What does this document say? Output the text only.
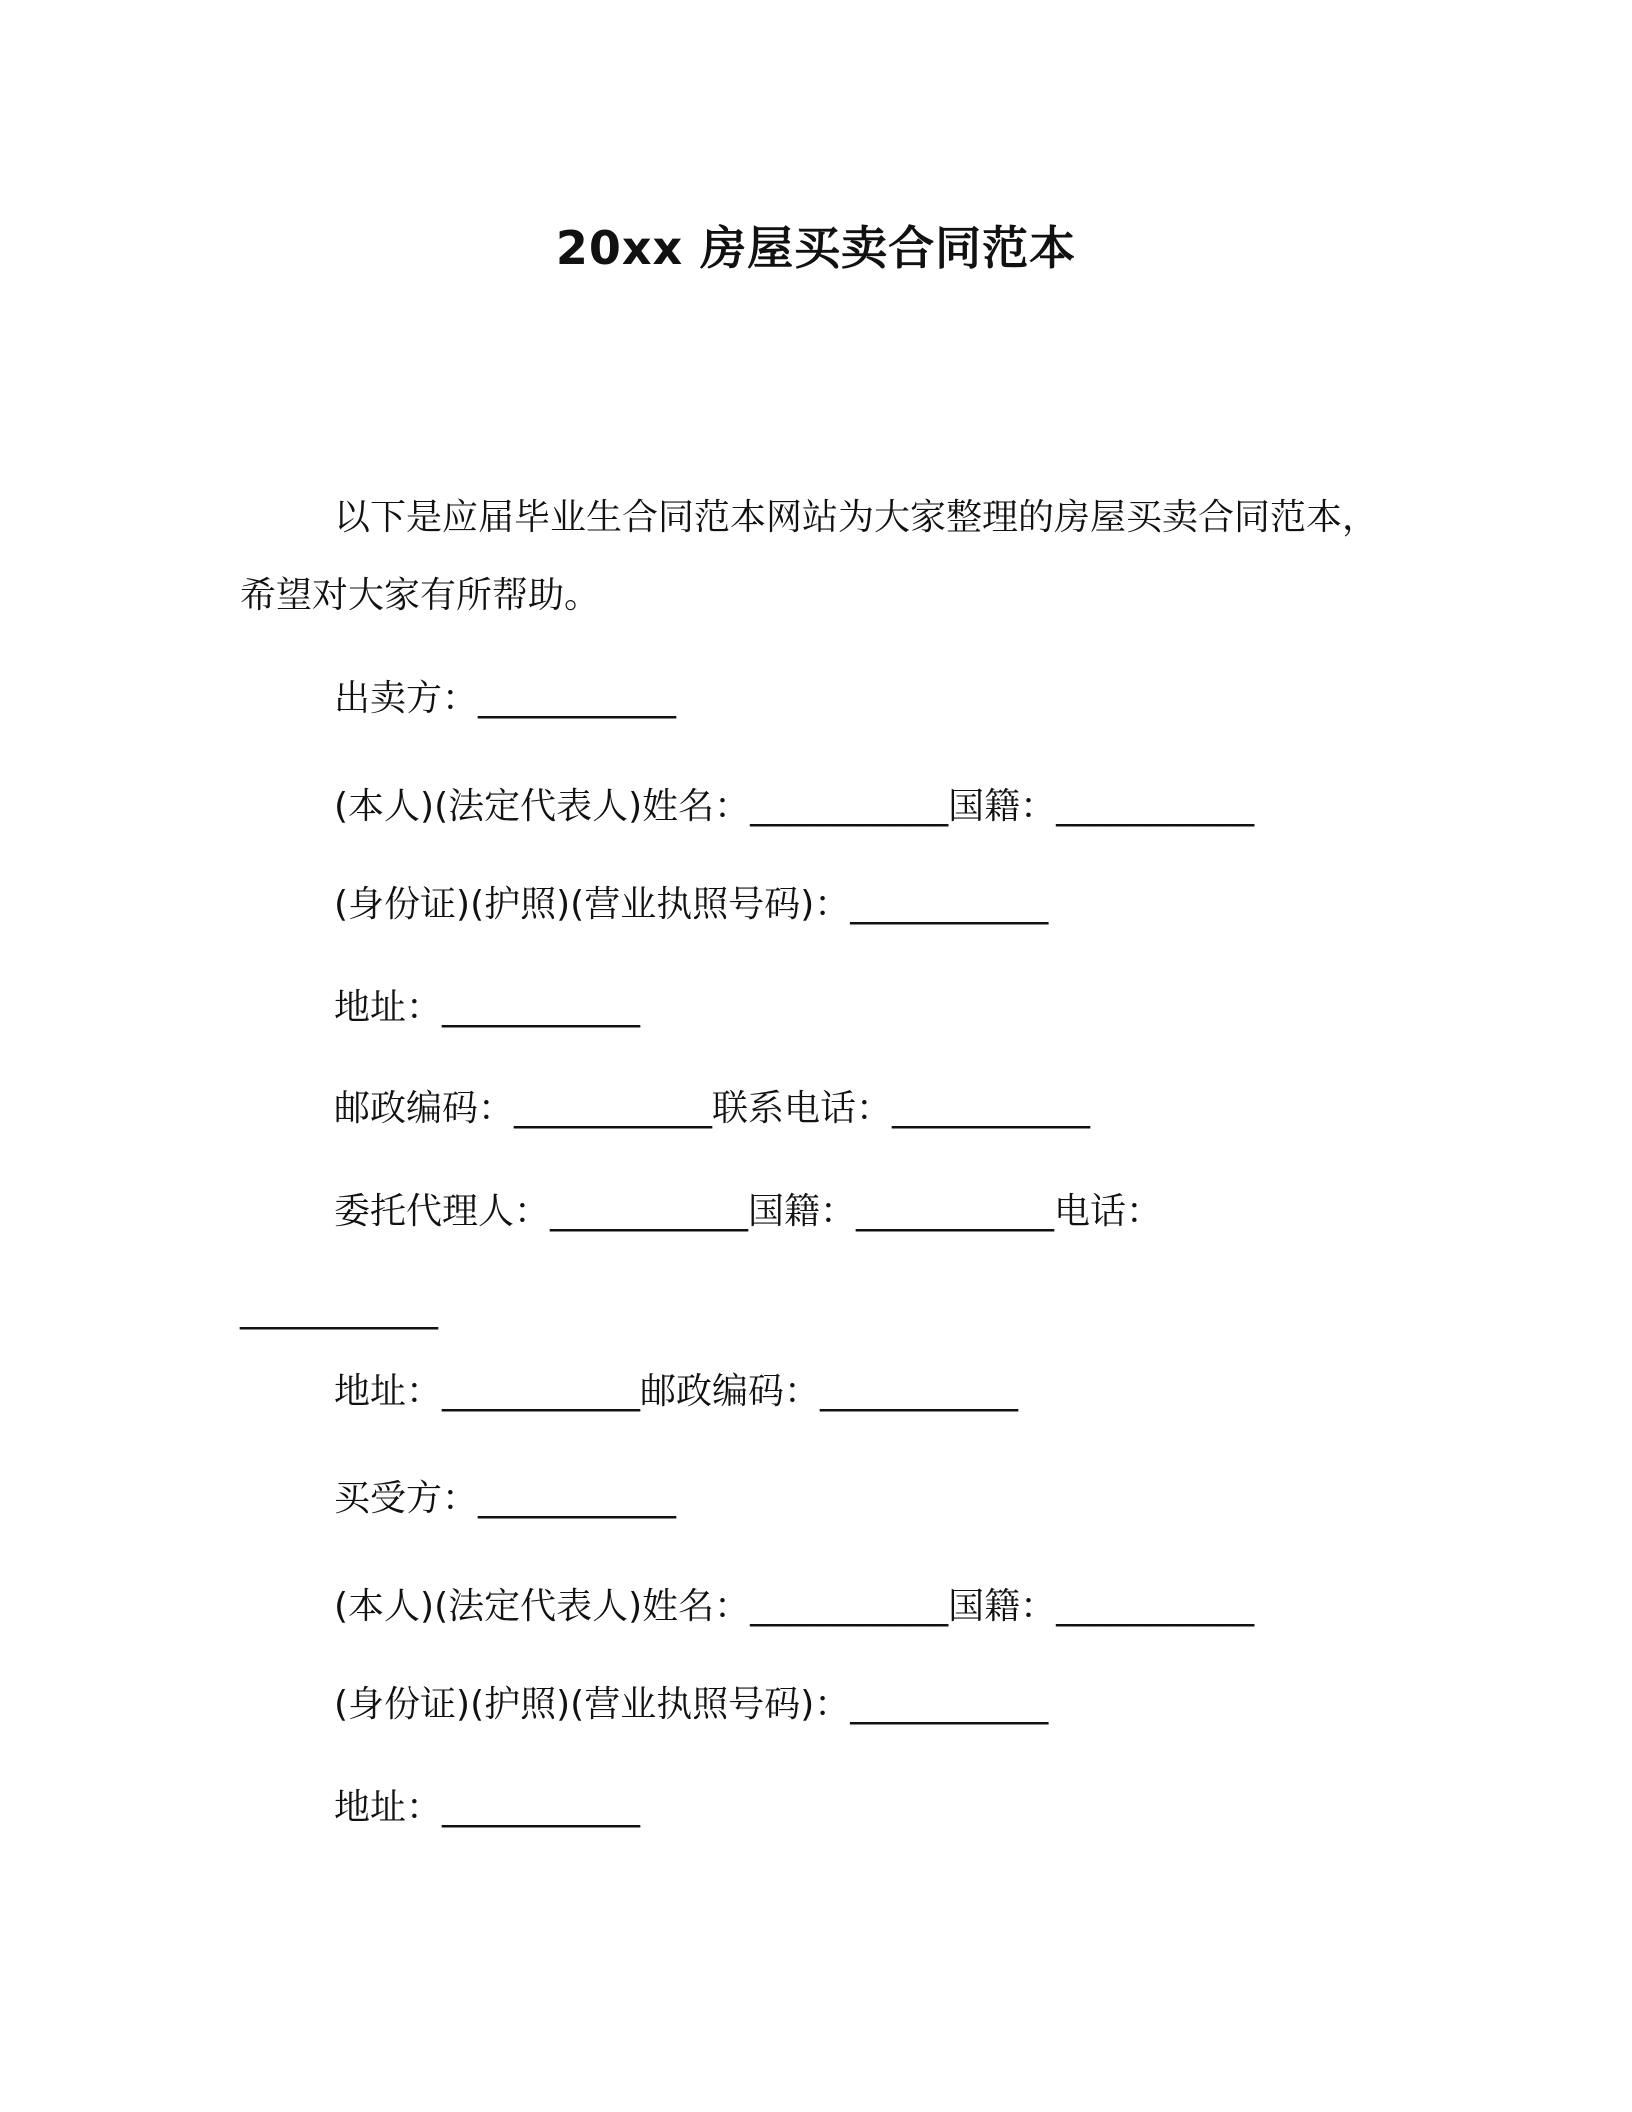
20xx 房屋买卖合同范本
以下是应届毕业生合同范本网站为大家整理的房屋买卖合同范本，
希望对大家有所帮助。
出卖方：___________
(本人)(法定代表人)姓名：___________国籍：___________
(身份证)(护照)(营业执照号码)：___________
地址：___________
邮政编码：___________联系电话：___________
委托代理人：___________国籍：___________电话：
___________
地址：___________邮政编码：___________
买受方：___________
(本人)(法定代表人)姓名：___________国籍：___________
(身份证)(护照)(营业执照号码)：___________
地址：___________
